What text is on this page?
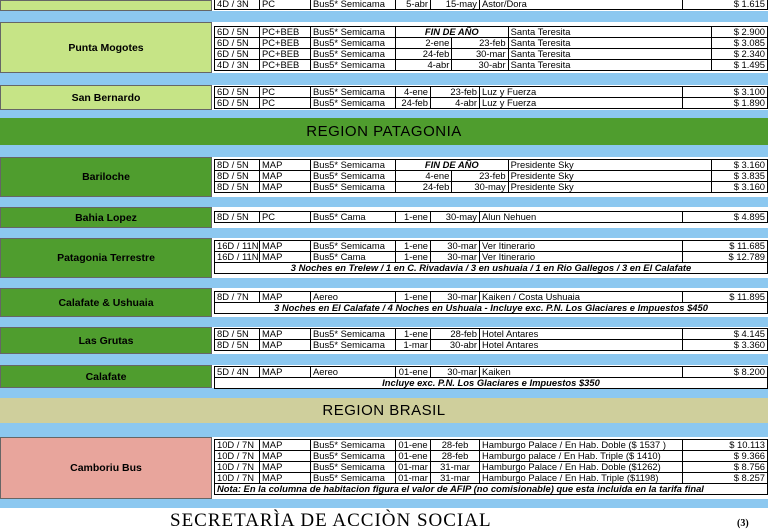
4D / 3N	PC	Bus5* Semicama	5-abr	15-may	Astor/Dora	$ 1.615
Punta Mogotes
6D / 5N	PC+BEB	Bus5* Semicama	FIN DE AÑO		Santa Teresita	$ 2.900
6D / 5N	PC+BEB	Bus5* Semicama	2-ene	23-feb	Santa Teresita	$ 3.085
6D / 5N	PC+BEB	Bus5* Semicama	24-feb	30-mar	Santa Teresita	$ 2.340
4D / 3N	PC+BEB	Bus5* Semicama	4-abr	30-abr	Santa Teresita	$ 1.495
San Bernardo	6D / 5N	PC	Bus5* Semicama	4-ene	23-feb	Luz y Fuerza	$ 3.100
6D / 5N	PC	Bus5* Semicama	24-feb	4-abr	Luz y Fuerza	$ 1.890
REGION PATAGONIA
Bariloche
8D / 5N	MAP	Bus5* Semicama	FIN DE AÑO		Presidente Sky	$ 3.160
8D / 5N	MAP	Bus5* Semicama	4-ene	23-feb	Presidente Sky	$ 3.835
8D / 5N	MAP	Bus5* Semicama	24-feb	30-may	Presidente Sky	$ 3.160
Bahia Lopez	8D / 5N	PC	Bus5* Cama	1-ene	30-may	Alun Nehuen	$ 4.895
Patagonia Terrestre
16D / 11N	MAP	Bus5* Semicama	1-ene	30-mar	Ver Itinerario	$ 11.685
16D / 11N	MAP	Bus5* Cama	1-ene	30-mar	Ver Itinerario	$ 12.789
3 Noches en Trelew / 1 en C. Rivadavia / 3 en ushuaia / 1 en Rio Gallegos / 3 en El Calafate						
Calafate & Ushuaia	8D / 7N	MAP	Aereo	1-ene	30-mar	Kaiken / Costa Ushuaia	$ 11.895
3 Noches en El Calafate / 4 Noches en Ushuaia - Incluye exc. P.N. Los Glaciares e Impuestos $450
Las Grutas
8D / 5N	MAP	Bus5* Semicama	1-ene	28-feb	Hotel Antares	$ 4.145
8D / 5N	MAP	Bus5* Semicama	1-mar	30-abr	Hotel Antares	$ 3.360
Calafate	5D / 4N	MAP	Aereo	01-ene	30-mar	Kaiken	$ 8.200
Incluye exc. P.N. Los Glaciares e Impuestos $350
REGION BRASIL
Camboriu Bus
10D / 7N	MAP	Bus5* Semicama	01-ene	28-feb	Hamburgo Palace / En Hab. Doble ($ 1537 )	$ 10.113
10D / 7N	MAP	Bus5* Semicama	01-ene	28-feb	Hamburgo palace / En Hab. Triple ($ 1410)	$ 9.366
10D / 7N	MAP	Bus5* Semicama	01-mar	31-mar	Hamburgo Palace / En Hab. Doble ($1262)	$ 8.756
10D / 7N	MAP	Bus5* Semicama	01-mar	31-mar	Hamburgo Palace / En Hab. Triple ($1198)	$ 8.257
Nota: En la columna de habitacion figura el valor de AFIP (no comisionable) que esta incluida en la tarifa final						
SECRETARÌA DE ACCIÒN SOCIAL	(3)
